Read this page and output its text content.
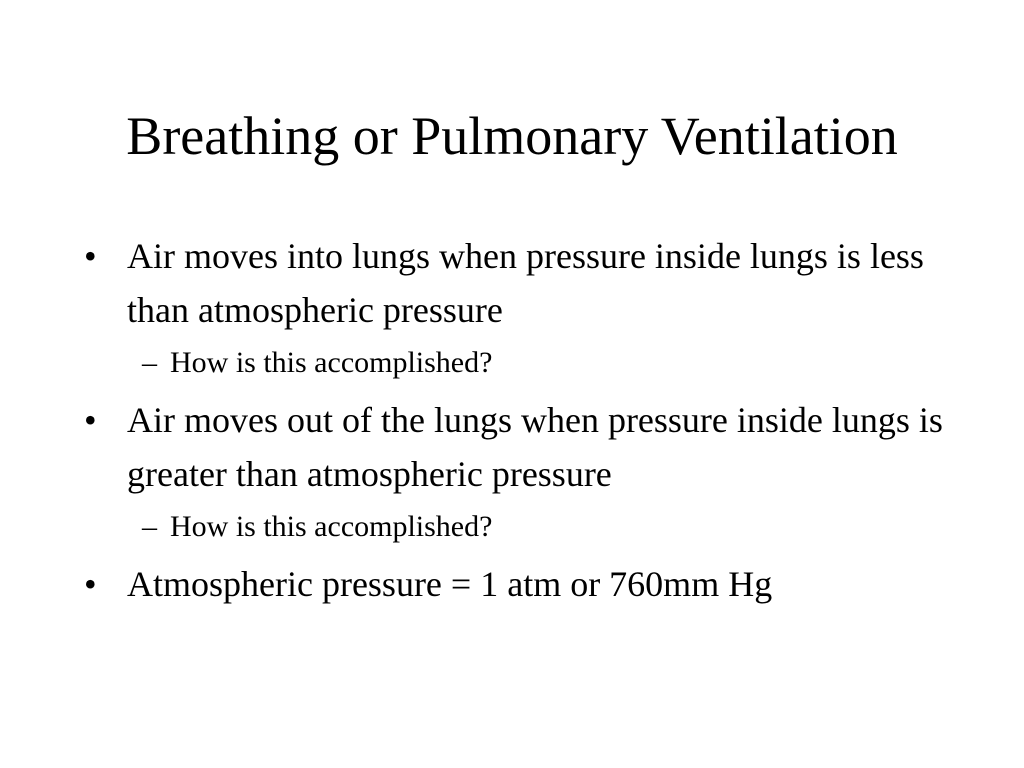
Breathing or Pulmonary Ventilation
• Air moves into lungs when pressure inside lungs is less than atmospheric pressure
– How is this accomplished?
• Air moves out of the lungs when pressure inside lungs is greater than atmospheric pressure
– How is this accomplished?
• Atmospheric pressure = 1 atm or 760mm Hg
